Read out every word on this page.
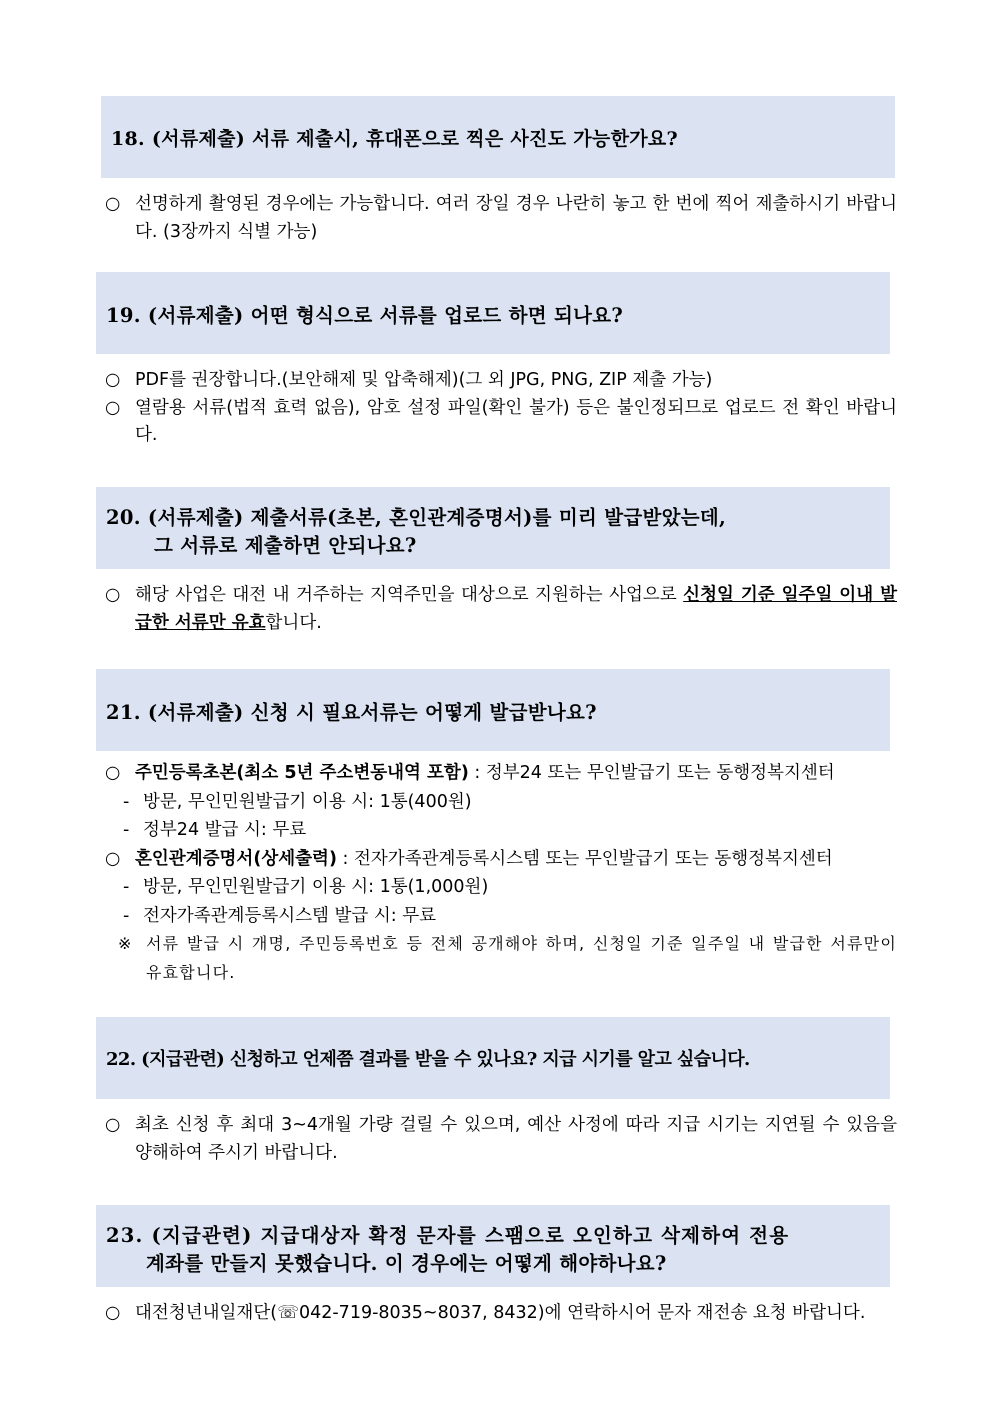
18. (서류제출) 서류 제출시, 휴대폰으로 찍은 사진도 가능한가요?
○ 선명하게 촬영된 경우에는 가능합니다. 여러 장일 경우 나란히 놓고 한 번에 찍어 제출하시기 바랍니다. (3장까지 식별 가능)
19. (서류제출) 어떤 형식으로 서류를 업로드 하면 되나요?
○ PDF를 권장합니다.(보안해제 및 압축해제)(그 외 JPG, PNG, ZIP 제출 가능)
○ 열람용 서류(법적 효력 없음), 암호 설정 파일(확인 불가) 등은 불인정되므로 업로드 전 확인 바랍니다.
20. (서류제출) 제출서류(초본, 혼인관계증명서)를 미리 발급받았는데,
그 서류로 제출하면 안되나요?
○ 해당 사업은 대전 내 거주하는 지역주민을 대상으로 지원하는 사업으로 신청일 기준 일주일 이내 발급한 서류만 유효합니다.
21. (서류제출) 신청 시 필요서류는 어떻게 발급받나요?
○ 주민등록초본(최소 5년 주소변동내역 포함) : 정부24 또는 무인발급기 또는 동행정복지센터
- 방문, 무인민원발급기 이용 시: 1통(400원)
- 정부24 발급 시: 무료
○ 혼인관계증명서(상세출력) : 전자가족관계등록시스템 또는 무인발급기 또는 동행정복지센터
- 방문, 무인민원발급기 이용 시: 1통(1,000원)
- 전자가족관계등록시스템 발급 시: 무료
※ 서류 발급 시 개명, 주민등록번호 등 전체 공개해야 하며, 신청일 기준 일주일 내 발급한 서류만이 유효합니다.
22. (지급관련) 신청하고 언제쯤 결과를 받을 수 있나요? 지급 시기를 알고 싶습니다.
○ 최초 신청 후 최대 3~4개월 가량 걸릴 수 있으며, 예산 사정에 따라 지급 시기는 지연될 수 있음을 양해하여 주시기 바랍니다.
23. (지급관련) 지급대상자 확정 문자를 스팸으로 오인하고 삭제하여 전용
계좌를 만들지 못했습니다. 이 경우에는 어떻게 해야하나요?
○ 대전청년내일재단(☏042-719-8035~8037, 8432)에 연락하시어 문자 재전송 요청 바랍니다.
